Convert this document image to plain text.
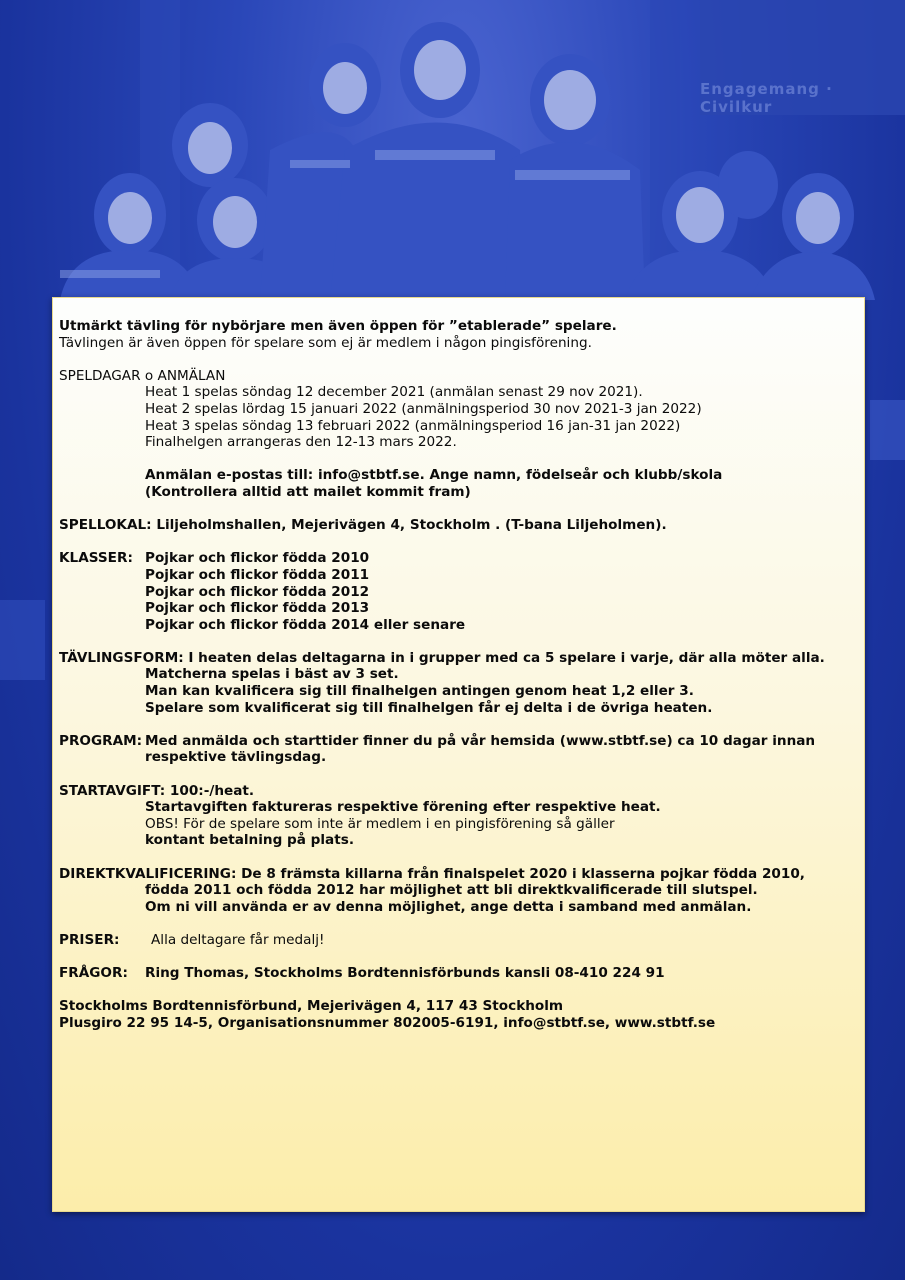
Engagemang · Civilkur
Utmärkt tävling för nybörjare men även öppen för ”etablerade” spelare.
Tävlingen är även öppen för spelare som ej är medlem i någon pingisförening.
SPELDAGAR o ANMÄLAN
Heat 1 spelas söndag 12 december 2021 (anmälan senast 29 nov 2021).
Heat 2 spelas lördag 15 januari 2022 (anmälningsperiod 30 nov 2021-3 jan 2022)
Heat 3 spelas söndag 13 februari 2022 (anmälningsperiod 16 jan-31 jan 2022)
Finalhelgen arrangeras den 12-13 mars 2022.
Anmälan e-postas till: info@stbtf.se. Ange namn, födelseår och klubb/skola
(Kontrollera alltid att mailet kommit fram)
SPELLOKAL: Liljeholmshallen, Mejerivägen 4, Stockholm . (T-bana Liljeholmen).
KLASSER: Pojkar och flickor födda 2010
Pojkar och flickor födda 2011
Pojkar och flickor födda 2012
Pojkar och flickor födda 2013
Pojkar och flickor födda 2014 eller senare
TÄVLINGSFORM: I heaten delas deltagarna in i grupper med ca 5 spelare i varje, där alla möter alla.
Matcherna spelas i bäst av 3 set.
Man kan kvalificera sig till finalhelgen antingen genom heat 1,2 eller 3.
Spelare som kvalificerat sig till finalhelgen får ej delta i de övriga heaten.
PROGRAM: Med anmälda och starttider finner du på vår hemsida (www.stbtf.se) ca 10 dagar innan
respektive tävlingsdag.
STARTAVGIFT: 100:-/heat.
Startavgiften faktureras respektive förening efter respektive heat.
OBS! För de spelare som inte är medlem i en pingisförening så gäller
kontant betalning på plats.
DIREKTKVALIFICERING: De 8 främsta killarna från finalspelet 2020 i klasserna pojkar födda 2010,
födda 2011 och födda 2012 har möjlighet att bli direktkvalificerade till slutspel.
Om ni vill använda er av denna möjlighet, ange detta i samband med anmälan.
PRISER: Alla deltagare får medalj!
FRÅGOR: Ring Thomas, Stockholms Bordtennisförbunds kansli 08-410 224 91
Stockholms Bordtennisförbund, Mejerivägen 4, 117 43 Stockholm
Plusgiro 22 95 14-5, Organisationsnummer 802005-6191, info@stbtf.se, www.stbtf.se
